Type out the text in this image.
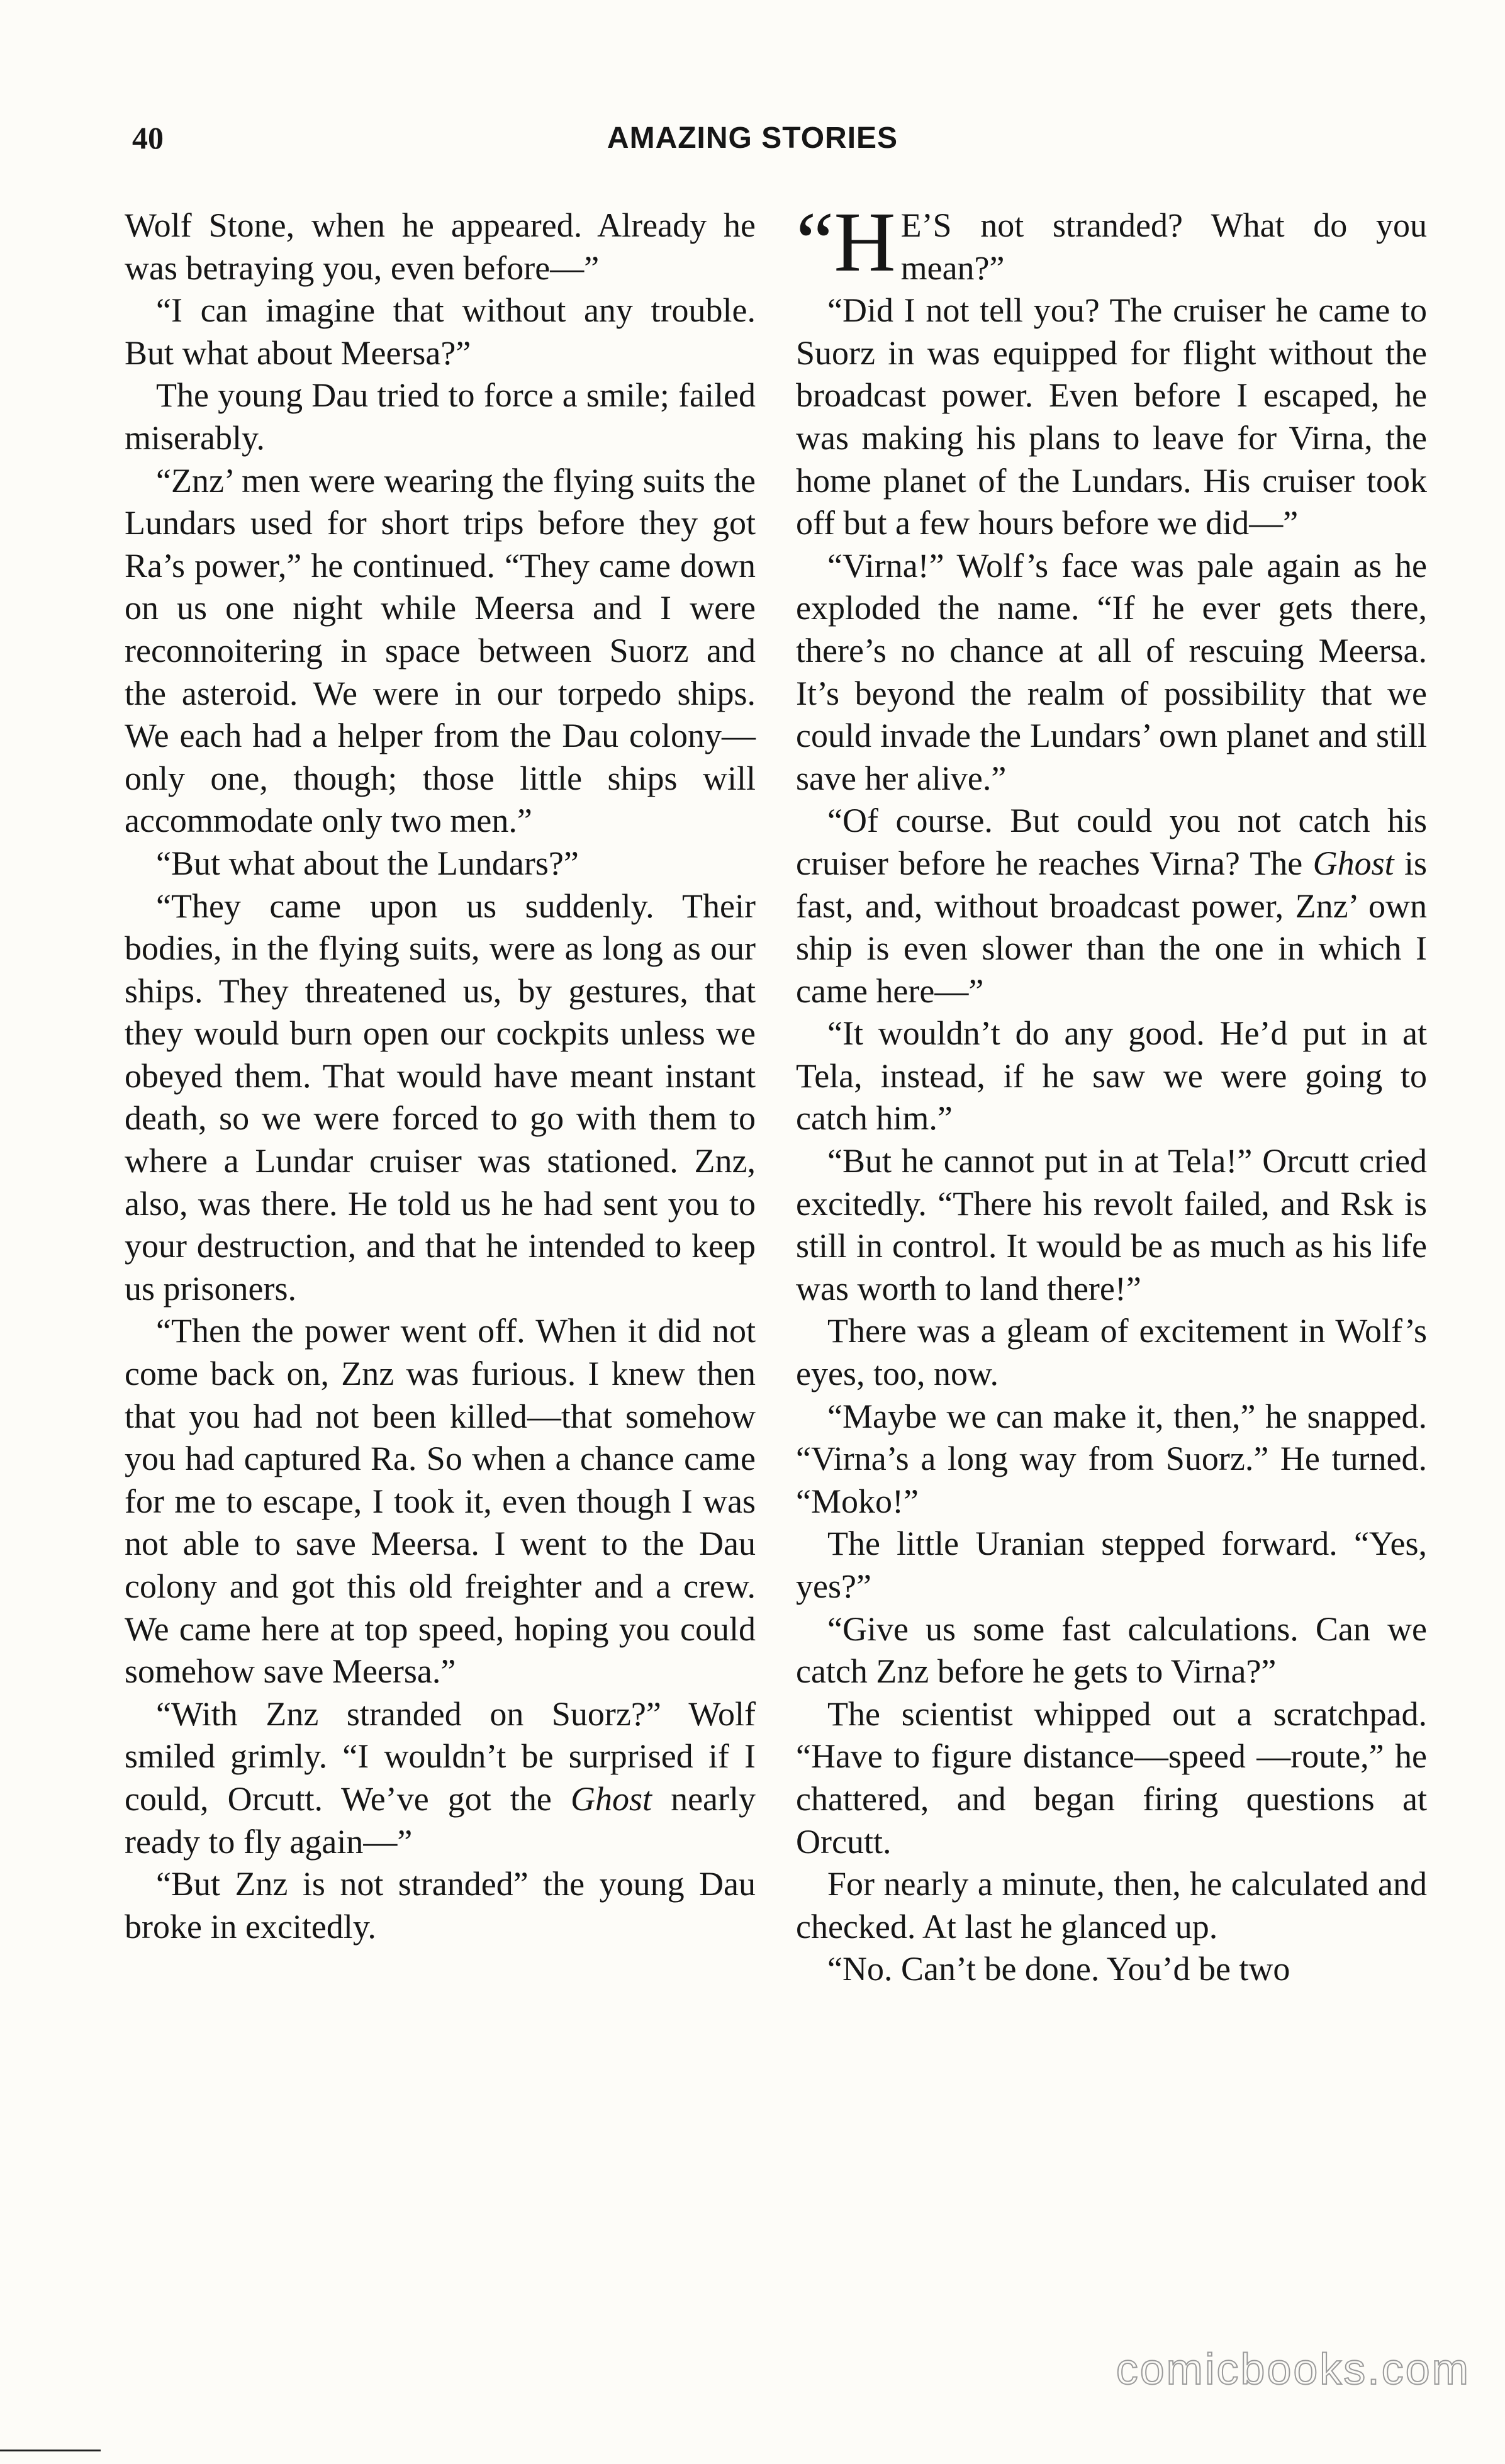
40	AMAZING STORIES

Wolf Stone, when he appeared. Already he was betraying you, even before—”

“I can imagine that without any trouble. But what about Meersa?”

The young Dau tried to force a smile; failed miserably.

“Znz’ men were wearing the flying suits the Lundars used for short trips before they got Ra’s power,” he continued. “They came down on us one night while Meersa and I were reconnoitering in space between Suorz and the asteroid. We were in our torpedo ships. We each had a helper from the Dau colony—only one, though; those little ships will accommodate only two men.”

“But what about the Lundars?”

“They came upon us suddenly. Their bodies, in the flying suits, were as long as our ships. They threatened us, by gestures, that they would burn open our cockpits unless we obeyed them. That would have meant instant death, so we were forced to go with them to where a Lundar cruiser was stationed. Znz, also, was there. He told us he had sent you to your destruction, and that he intended to keep us prisoners.

“Then the power went off. When it did not come back on, Znz was furious. I knew then that you had not been killed—that somehow you had captured Ra. So when a chance came for me to escape, I took it, even though I was not able to save Meersa. I went to the Dau colony and got this old freighter and a crew. We came here at top speed, hoping you could somehow save Meersa.”

“With Znz stranded on Suorz?” Wolf smiled grimly. “I wouldn’t be surprised if I could, Orcutt. We’ve got the Ghost nearly ready to fly again—”

“But Znz is not stranded” the young Dau broke in excitedly.

“H E’S not stranded? What do you mean?”

“Did I not tell you? The cruiser he came to Suorz in was equipped for flight without the broadcast power. Even before I escaped, he was making his plans to leave for Virna, the home planet of the Lundars. His cruiser took off but a few hours before we did—”

“Virna!” Wolf’s face was pale again as he exploded the name. “If he ever gets there, there’s no chance at all of rescuing Meersa. It’s beyond the realm of possibility that we could invade the Lundars’ own planet and still save her alive.”

“Of course. But could you not catch his cruiser before he reaches Virna? The Ghost is fast, and, without broadcast power, Znz’ own ship is even slower than the one in which I came here—”

“It wouldn’t do any good. He’d put in at Tela, instead, if he saw we were going to catch him.”

“But he cannot put in at Tela!” Orcutt cried excitedly. “There his revolt failed, and Rsk is still in control. It would be as much as his life was worth to land there!”

There was a gleam of excitement in Wolf’s eyes, too, now.

“Maybe we can make it, then,” he snapped. “Virna’s a long way from Suorz.” He turned. “Moko!”

The little Uranian stepped forward. “Yes, yes?”

“Give us some fast calculations. Can we catch Znz before he gets to Virna?”

The scientist whipped out a scratchpad. “Have to figure distance—speed —route,” he chattered, and began firing questions at Orcutt.

For nearly a minute, then, he calculated and checked. At last he glanced up.

“No. Can’t be done. You’d be two

comicbooks.com
